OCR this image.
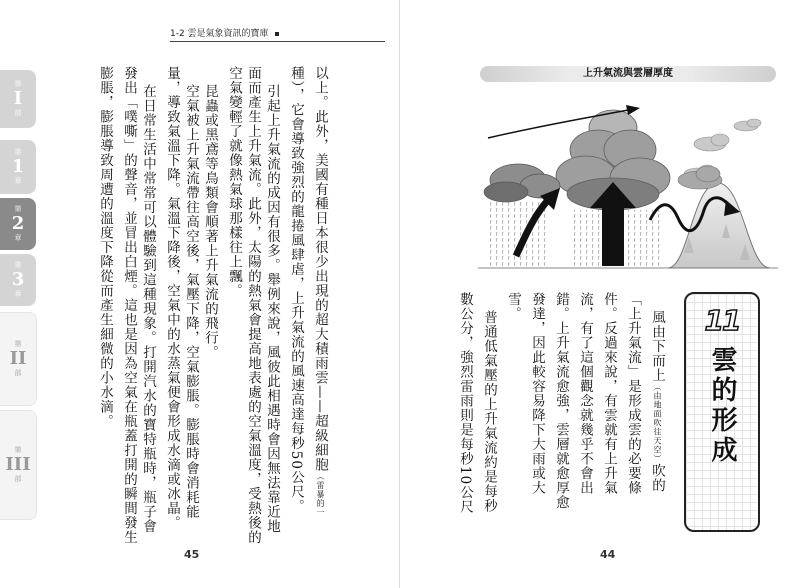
1-2 雲是氣象資訊的寶庫
以上。此外，美國有種日本很少出現的超大積雨雲——超級細胞（雷暴的一
種），它會導致強烈的龍捲風肆虐，上升氣流的風速高達每秒50公尺。
引起上升氣流的成因有很多。舉例來說，風彼此相遇時會因無法靠近地
面而產生上升氣流。此外，太陽的熱氣會提高地表處的空氣溫度，受熱後的
空氣變輕了就像熱氣球那樣往上飄。
昆蟲或黑鳶等鳥類會順著上升氣流的飛行。
空氣被上升氣流帶往高空後，氣壓下降，空氣膨脹。膨脹時會消耗能
量，導致氣溫下降。氣溫下降後，空氣中的水蒸氣便會形成水滴或冰晶。
在日常生活中常常可以體驗到這種現象。打開汽水的寶特瓶時，瓶子會
發出「噗嘶」的聲音，並冒出白煙。這也是因為空氣在瓶蓋打開的瞬間發生
膨脹，膨脹導致周遭的溫度下降從而產生細微的小水滴。
第
I
部
第
1
章
第
2
章
第
3
章
第
II
部
第
III
部
45
上升氣流與雲層厚度
11
雲的形成
風由下而上（由地面吹往天空）吹的
「上升氣流」是形成雲的必要條
件。反過來說，有雲就有上升氣
流，有了這個觀念就幾乎不會出
錯。上升氣流愈強，雲層就愈厚愈
發達，因此較容易降下大雨或大
雪。
普通低氣壓的上升氣流約是每秒
數公分，強烈雷雨則是每秒10公尺
44
